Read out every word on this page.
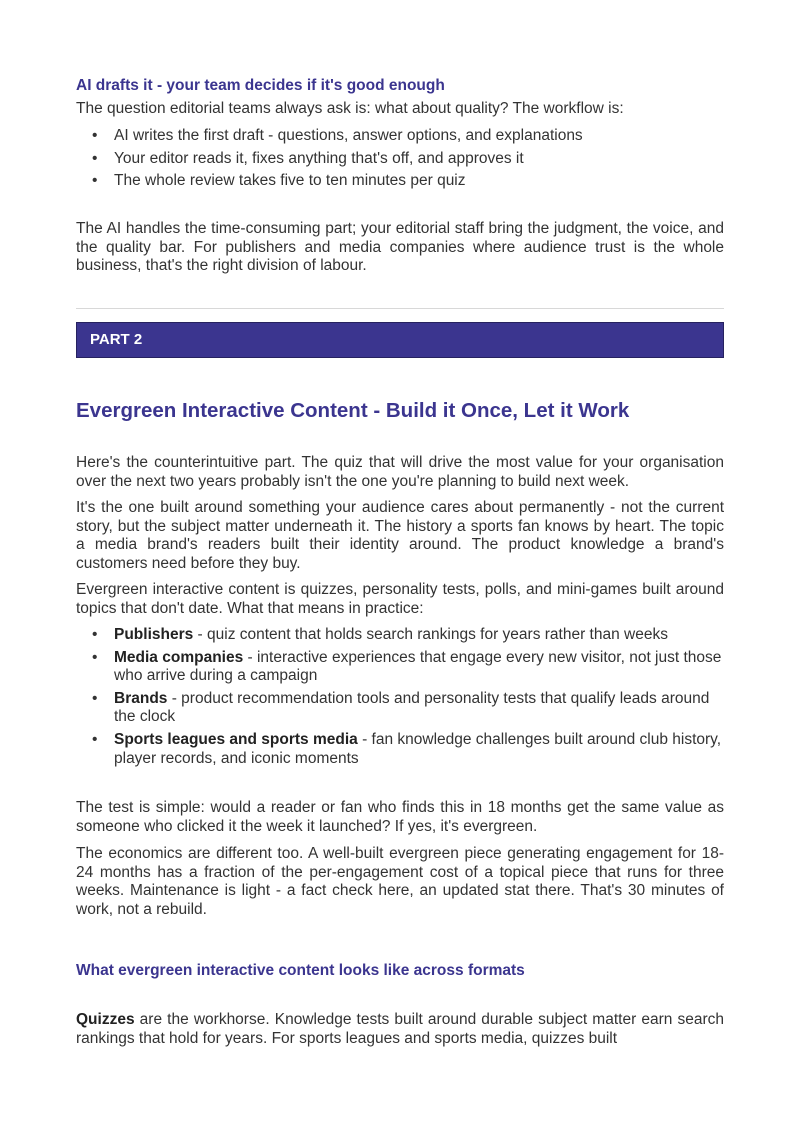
AI drafts it - your team decides if it's good enough

The question editorial teams always ask is: what about quality? The workflow is:

• AI writes the first draft - questions, answer options, and explanations
• Your editor reads it, fixes anything that's off, and approves it
• The whole review takes five to ten minutes per quiz

The AI handles the time-consuming part; your editorial staff bring the judgment, the voice, and the quality bar. For publishers and media companies where audience trust is the whole business, that's the right division of labour.

PART 2
Evergreen Interactive Content - Build it Once, Let it Work

Here's the counterintuitive part. The quiz that will drive the most value for your organisation over the next two years probably isn't the one you're planning to build next week.

It's the one built around something your audience cares about permanently - not the current story, but the subject matter underneath it. The history a sports fan knows by heart. The topic a media brand's readers built their identity around. The product knowledge a brand's customers need before they buy.

Evergreen interactive content is quizzes, personality tests, polls, and mini-games built around topics that don't date. What that means in practice:

• Publishers - quiz content that holds search rankings for years rather than weeks
• Media companies - interactive experiences that engage every new visitor, not just those who arrive during a campaign
• Brands - product recommendation tools and personality tests that qualify leads around the clock
• Sports leagues and sports media - fan knowledge challenges built around club history, player records, and iconic moments

The test is simple: would a reader or fan who finds this in 18 months get the same value as someone who clicked it the week it launched? If yes, it's evergreen.

The economics are different too. A well-built evergreen piece generating engagement for 18-24 months has a fraction of the per-engagement cost of a topical piece that runs for three weeks. Maintenance is light - a fact check here, an updated stat there. That's 30 minutes of work, not a rebuild.

What evergreen interactive content looks like across formats

Quizzes are the workhorse. Knowledge tests built around durable subject matter earn search rankings that hold for years. For sports leagues and sports media, quizzes built
